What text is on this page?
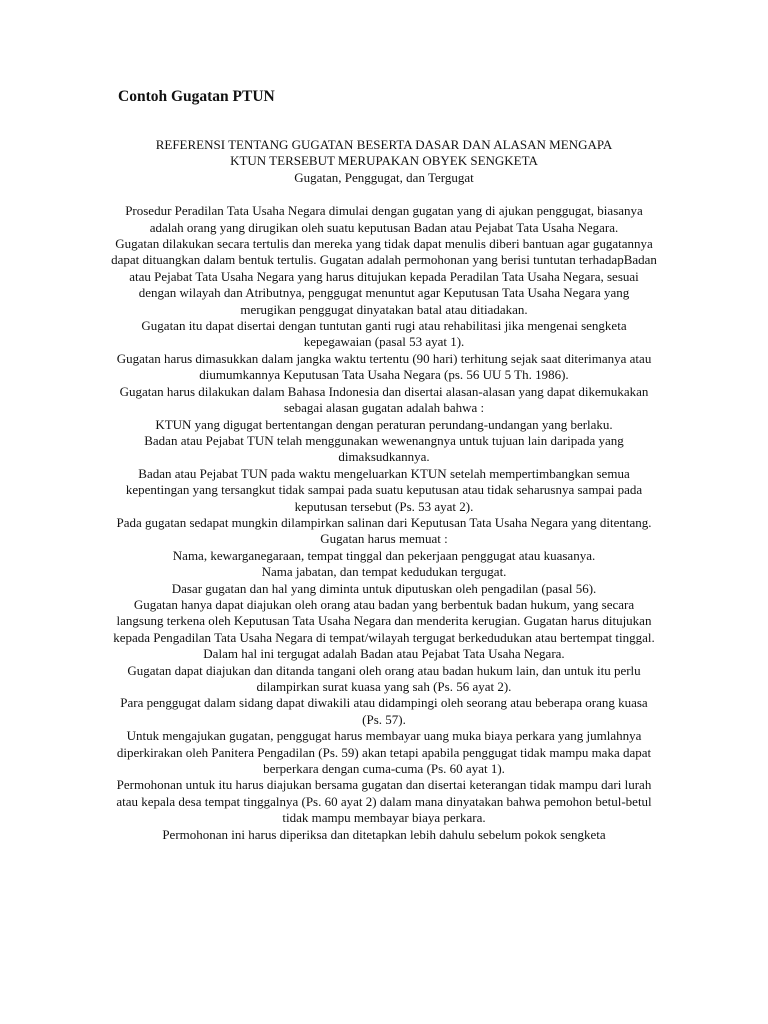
Contoh Gugatan PTUN

REFERENSI TENTANG GUGATAN BESERTA DASAR DAN ALASAN MENGAPA

KTUN TERSEBUT MERUPAKAN OBYEK SENGKETA

Gugatan, Penggugat, dan Tergugat

Prosedur Peradilan Tata Usaha Negara dimulai dengan gugatan yang di ajukan penggugat, biasanya adalah orang yang dirugikan oleh suatu keputusan Badan atau Pejabat Tata Usaha Negara.

Gugatan dilakukan secara tertulis dan mereka yang tidak dapat menulis diberi bantuan agar gugatannya dapat dituangkan dalam bentuk tertulis. Gugatan adalah permohonan yang berisi tuntutan terhadapBadan atau Pejabat Tata Usaha Negara yang harus ditujukan kepada Peradilan Tata Usaha Negara, sesuai dengan wilayah dan Atributnya, penggugat menuntut agar Keputusan Tata Usaha Negara yang merugikan penggugat dinyatakan batal atau ditiadakan.

Gugatan itu dapat disertai dengan tuntutan ganti rugi atau rehabilitasi jika mengenai sengketa kepegawaian (pasal 53 ayat 1).

Gugatan harus dimasukkan dalam jangka waktu tertentu (90 hari) terhitung sejak saat diterimanya atau diumumkannya Keputusan Tata Usaha Negara (ps. 56 UU 5 Th. 1986).

Gugatan harus dilakukan dalam Bahasa Indonesia dan disertai alasan-alasan yang dapat dikemukakan sebagai alasan gugatan adalah bahwa :

KTUN yang digugat bertentangan dengan peraturan perundang-undangan yang berlaku.

Badan atau Pejabat TUN telah menggunakan wewenangnya untuk tujuan lain daripada yang dimaksudkannya.

Badan atau Pejabat TUN pada waktu mengeluarkan KTUN setelah mempertimbangkan semua kepentingan yang tersangkut tidak sampai pada suatu keputusan atau tidak seharusnya sampai pada keputusan tersebut (Ps. 53 ayat 2).

Pada gugatan sedapat mungkin dilampirkan salinan dari Keputusan Tata Usaha Negara yang ditentang.

Gugatan harus memuat :

Nama, kewarganegaraan, tempat tinggal dan pekerjaan penggugat atau kuasanya.

Nama jabatan, dan tempat kedudukan tergugat.

Dasar gugatan dan hal yang diminta untuk diputuskan oleh pengadilan (pasal 56).

Gugatan hanya dapat diajukan oleh orang atau badan yang berbentuk badan hukum, yang secara langsung terkena oleh Keputusan Tata Usaha Negara dan menderita kerugian. Gugatan harus ditujukan kepada Pengadilan Tata Usaha Negara di tempat/wilayah tergugat berkedudukan atau bertempat tinggal.

Dalam hal ini tergugat adalah Badan atau Pejabat Tata Usaha Negara.

Gugatan dapat diajukan dan ditanda tangani oleh orang atau badan hukum lain, dan untuk itu perlu dilampirkan surat kuasa yang sah (Ps. 56 ayat 2).

Para penggugat dalam sidang dapat diwakili atau didampingi oleh seorang atau beberapa orang kuasa (Ps. 57).

Untuk mengajukan gugatan, penggugat harus membayar uang muka biaya perkara yang jumlahnya diperkirakan oleh Panitera Pengadilan (Ps. 59) akan tetapi apabila penggugat tidak mampu maka dapat berperkara dengan cuma-cuma (Ps. 60 ayat 1).

Permohonan untuk itu harus diajukan bersama gugatan dan disertai keterangan tidak mampu dari lurah atau kepala desa tempat tinggalnya (Ps. 60 ayat 2) dalam mana dinyatakan bahwa pemohon betul-betul tidak mampu membayar biaya perkara.

Permohonan ini harus diperiksa dan ditetapkan lebih dahulu sebelum pokok sengketa
